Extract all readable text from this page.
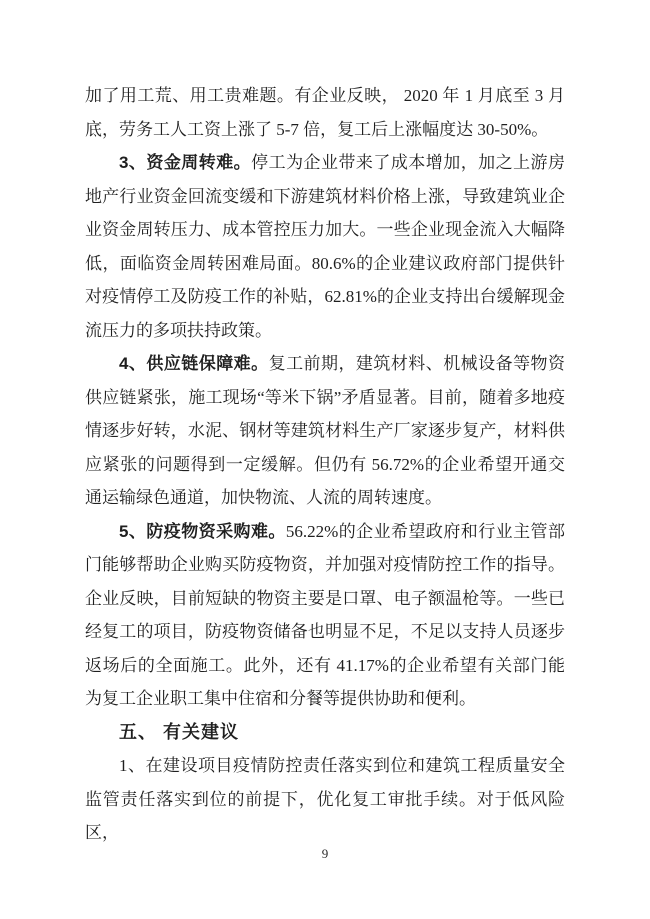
加了用工荒、用工贵难题。有企业反映， 2020 年 1 月底至 3 月底，劳务工人工资上涨了 5-7 倍，复工后上涨幅度达 30-50%。

3、资金周转难。停工为企业带来了成本增加，加之上游房地产行业资金回流变缓和下游建筑材料价格上涨，导致建筑业企业资金周转压力、成本管控压力加大。一些企业现金流入大幅降低，面临资金周转困难局面。80.6%的企业建议政府部门提供针对疫情停工及防疫工作的补贴，62.81%的企业支持出台缓解现金流压力的多项扶持政策。

4、供应链保障难。复工前期，建筑材料、机械设备等物资供应链紧张，施工现场“等米下锅”矛盾显著。目前，随着多地疫情逐步好转，水泥、钢材等建筑材料生产厂家逐步复产，材料供应紧张的问题得到一定缓解。但仍有 56.72%的企业希望开通交通运输绿色通道，加快物流、人流的周转速度。

5、防疫物资采购难。56.22%的企业希望政府和行业主管部门能够帮助企业购买防疫物资，并加强对疫情防控工作的指导。企业反映，目前短缺的物资主要是口罩、电子额温枪等。一些已经复工的项目，防疫物资储备也明显不足，不足以支持人员逐步返场后的全面施工。此外，还有 41.17%的企业希望有关部门能为复工企业职工集中住宿和分餐等提供协助和便利。

五、 有关建议

1、在建设项目疫情防控责任落实到位和建筑工程质量安全监管责任落实到位的前提下，优化复工审批手续。对于低风险区，

9
